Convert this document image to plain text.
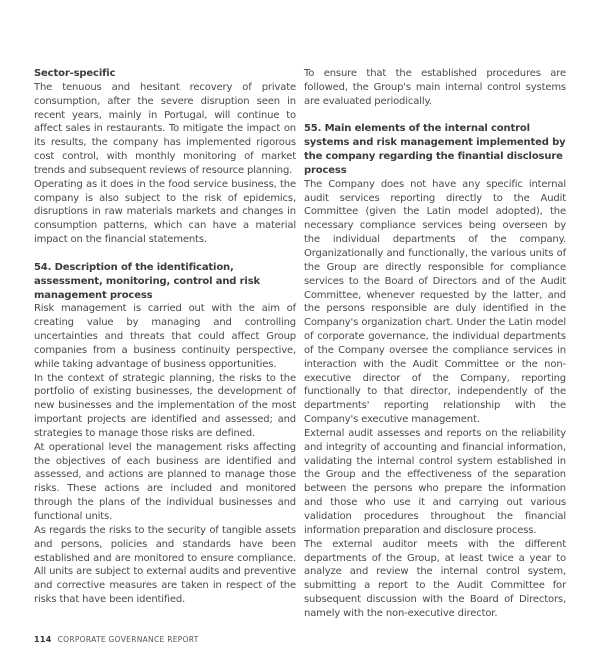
Sector-specific

The tenuous and hesitant recovery of private consumption, after the severe disruption seen in recent years, mainly in Portugal, will continue to affect sales in restaurants. To mitigate the impact on its results, the company has implemented rigorous cost control, with monthly monitoring of market trends and subsequent reviews of resource planning.

Operating as it does in the food service business, the company is also subject to the risk of epidemics, disruptions in raw materials markets and changes in consumption patterns, which can have a material impact on the financial statements.

54. Description of the identification, assessment, monitoring, control and risk management process

Risk management is carried out with the aim of creating value by managing and controlling uncertainties and threats that could affect Group companies from a business continuity perspective, while taking advantage of business opportunities.

In the context of strategic planning, the risks to the portfolio of existing businesses, the development of new businesses and the implementation of the most important projects are identified and assessed; and strategies to manage those risks are defined.

At operational level the management risks affecting the objectives of each business are identified and assessed, and actions are planned to manage those risks. These actions are included and monitored through the plans of the individual businesses and functional units.

As regards the risks to the security of tangible assets and persons, policies and standards have been established and are monitored to ensure compliance. All units are subject to external audits and preventive and corrective measures are taken in respect of the risks that have been identified.

To ensure that the established procedures are followed, the Group's main internal control systems are evaluated periodically.

55. Main elements of the internal control systems and risk management implemented by the company regarding the finantial disclosure process

The Company does not have any specific internal audit services reporting directly to the Audit Committee (given the Latin model adopted), the necessary compliance services being overseen by the individual departments of the company. Organizationally and functionally, the various units of the Group are directly responsible for compliance services to the Board of Directors and of the Audit Committee, whenever requested by the latter, and the persons responsible are duly identified in the Company's organization chart. Under the Latin model of corporate governance, the individual departments of the Company oversee the compliance services in interaction with the Audit Committee or the non-executive director of the Company, reporting functionally to that director, independently of the departments' reporting relationship with the Company's executive management.

External audit assesses and reports on the reliability and integrity of accounting and financial information, validating the internal control system established in the Group and the effectiveness of the separation between the persons who prepare the information and those who use it and carrying out various validation procedures throughout the financial information preparation and disclosure process.

The external auditor meets with the different departments of the Group, at least twice a year to analyze and review the internal control system, submitting a report to the Audit Committee for subsequent discussion with the Board of Directors, namely with the non-executive director.

114 CORPORATE GOVERNANCE REPORT
